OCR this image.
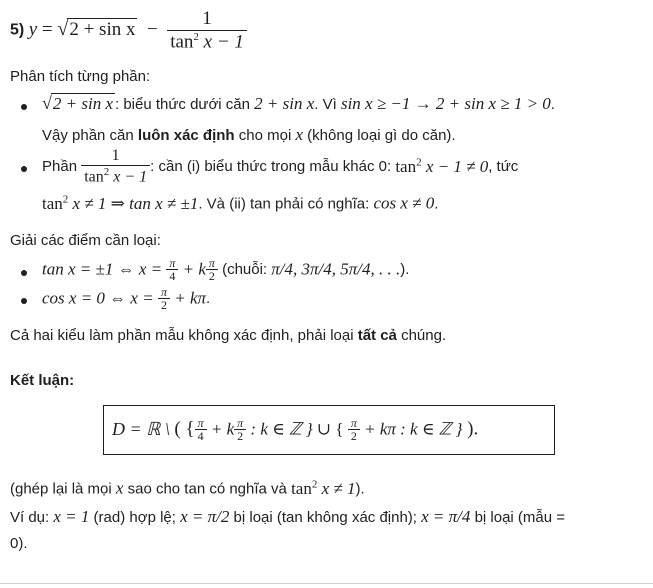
5) $y = √2 + \sin x - \frac{1}{\tan^2 x - 1}$
Phân tích từng phần:
√2 + sin x : biểu thức dưới căn 2 + sin x. Vì sin x ≥ −1 → 2 + sin x ≥ 1 > 0.
Vậy phần căn luôn xác định cho mọi x (không loại gì do căn).
Phần $\frac{1}{\tan^2 x - 1}$ : cần (i) biểu thức trong mẫu khác 0: $\tan^2 x - 1 \ne 0$, tức
$\tan^2 x \ne 1$ ⇒ tan x ≠ ±1. Và (ii) tan phải có nghĩa: cos x ≠ 0.
Giải các điểm cần loại:
tan x = ±1 ⇔ $x = \frac{\pi}{4} + k \frac{\pi}{2}$ (chuỗi: π/4, 3π/4, 5π/4, . . .).
cos x = 0 ⇔ $x = \frac{\pi}{2} + k\pi$.
Cả hai kiểu làm phần mẫu không xác định, phải loại tất cả chúng.
Kết luận:
D = ℝ \ ( { $\frac{\pi}{4} + k \frac{\pi}{2}$ : k ∈ ℤ } ∪ { $\frac{\pi}{2} + k\pi$ : k ∈ ℤ } ).
(ghép lại là mọi x sao cho tan có nghĩa và $\tan^2 x \ne 1$).
Ví dụ: x = 1 (rad) hợp lệ; x = π/2 bị loại (tan không xác định); x = π/4 bị loại (mẫu =
0).
